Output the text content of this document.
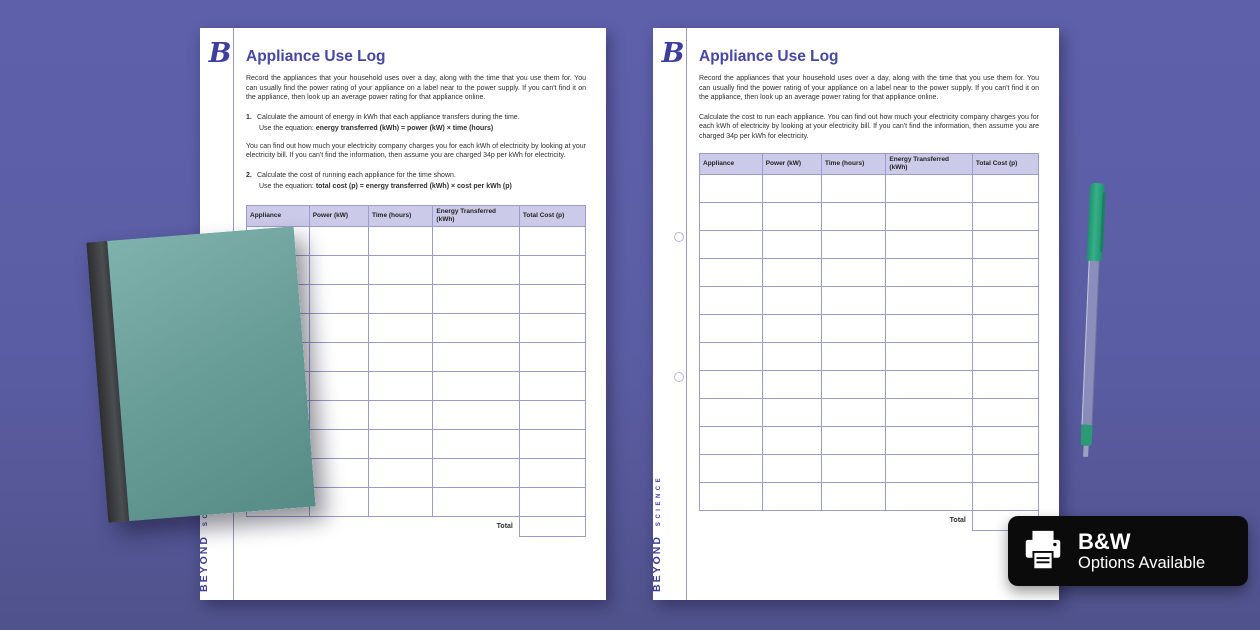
B
BEYOND
Appliance Use Log

Record the appliances that your household uses over a day, along with the time that you use them for. You can usually find the power rating of your appliance on a label near to the power supply. If you can't find it on the appliance, then look up an average power rating for that appliance online.

1. Calculate the amount of energy in kWh that each appliance transfers during the time.

Use the equation: energy transferred (kWh) = power (kW) × time (hours)

You can find out how much your electricity company charges you for each kWh of electricity by looking at your electricity bill. If you can't find the information, then assume you are charged 34p per kWh for electricity.

2. Calculate the cost of running each appliance for the time shown.

Use the equation: total cost (p) = energy transferred (kWh) × cost per kWh (p)

Appliance	Power (kW)	Time (hours)	Energy Transferred (kWh)	Total Cost (p)

Total				
B
BEYOND
SCIENCE
Appliance Use Log

Record the appliances that your household uses over a day, along with the time that you use them for. You can usually find the power rating of your appliance on a label near to the power supply. If you can't find it on the appliance, then look up an average power rating for that appliance online.

Calculate the cost to run each appliance. You can find out how much your electricity company charges you for each kWh of electricity by looking at your electricity bill. If you can't find the information, then assume you are charged 34p per kWh for electricity.

Appliance	Power (kW)	Time (hours)	Energy Transferred (kWh)	Total Cost (p)

Total				
B&W
Options Available
